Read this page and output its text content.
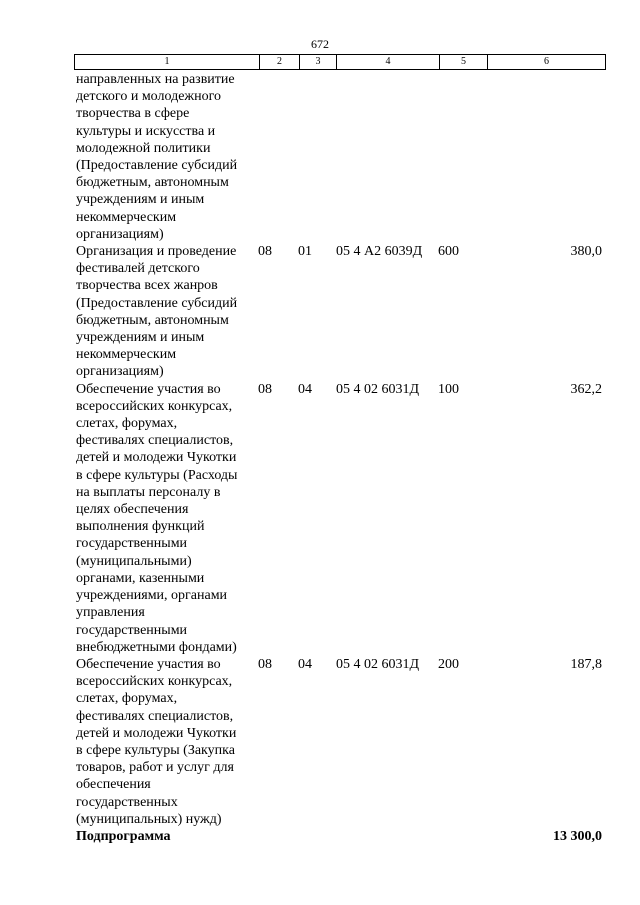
672
1	2	3	4	5	6
направленных на развитие
детского и молодежного
творчества в сфере
культуры и искусства и
молодежной политики
(Предоставление субсидий
бюджетным, автономным
учреждениям и иным
некоммерческим
организациям)
Организация и проведение
фестивалей детского
творчества всех жанров
(Предоставление субсидий
бюджетным, автономным
учреждениям и иным
некоммерческим
организациям)
08	01	05 4 А2 6039Д	600	380,0
Обеспечение участия во
всероссийских конкурсах,
слетах, форумах,
фестивалях специалистов,
детей и молодежи Чукотки
в сфере культуры (Расходы
на выплаты персоналу в
целях обеспечения
выполнения функций
государственными
(муниципальными)
органами, казенными
учреждениями, органами
управления
государственными
внебюджетными фондами)
08	04	05 4 02 6031Д	100	362,2
Обеспечение участия во
всероссийских конкурсах,
слетах, форумах,
фестивалях специалистов,
детей и молодежи Чукотки
в сфере культуры (Закупка
товаров, работ и услуг для
обеспечения
государственных
(муниципальных) нужд)
08	04	05 4 02 6031Д	200	187,8
Подпрограмма	13 300,0
